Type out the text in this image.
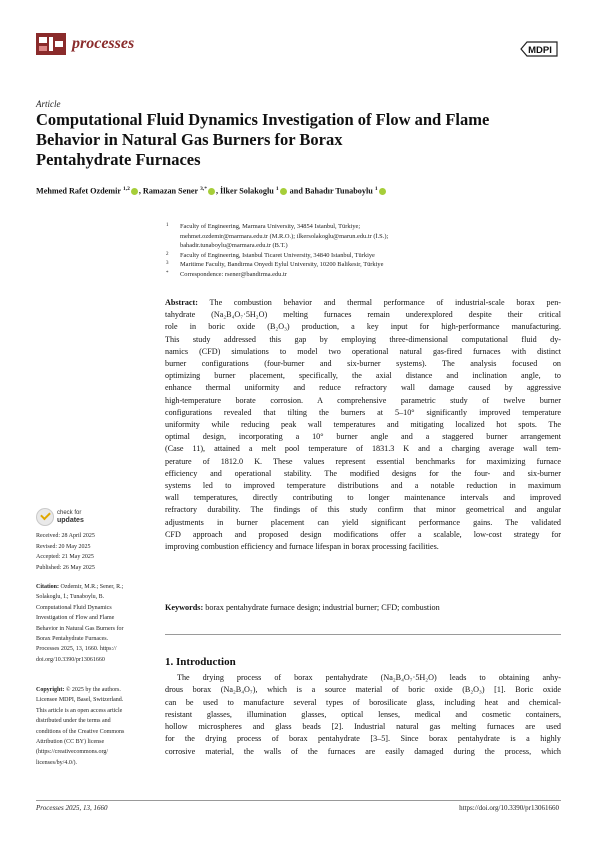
processes	MDPI
Article
Computational Fluid Dynamics Investigation of Flow and Flame
Behavior in Natural Gas Burners for Borax
Pentahydrate Furnaces
Mehmed Rafet Ozdemir $^{1,2}$ , Ramazan Sener $^{3,*}$ , İlker Solakoglu $^1$ and Bahadır Tunaboylu $^1$
1 Faculty of Engineering, Marmara University, 34854 Istanbul, Türkiye;
mehmet.ozdemir@marmara.edu.tr (M.R.O.); ilkersolakoglu@marun.edu.tr (İ.S.);
bahadir.tunaboylu@marmara.edu.tr (B.T.)
2 Faculty of Engineering, Istanbul Ticaret University, 34840 Istanbul, Türkiye
3 Maritime Faculty, Bandirma Onyedi Eylul University, 10200 Balikesir, Türkiye
* Correspondence: rsener@bandirma.edu.tr
Abstract: The combustion behavior and thermal performance of industrial-scale borax pen-
tahydrate (Na₂B₄O₇·5H₂O) melting furnaces remain underexplored despite their critical
role in boric oxide (B₂O₃) production, a key input for high-performance manufacturing.
This study addressed this gap by employing three-dimensional computational fluid dy-
namics (CFD) simulations to model two operational natural gas-fired furnaces with distinct
burner configurations (four-burner and six-burner systems). The analysis focused on
optimizing burner placement, specifically, the axial distance and inclination angle, to
enhance thermal uniformity and reduce refractory wall damage caused by aggressive
high-temperature borate corrosion. A comprehensive parametric study of twelve burner
configurations revealed that tilting the burners at 5–10° significantly improved temperature
uniformity while reducing peak wall temperatures and mitigating localized hot spots. The
optimal design, incorporating a 10° burner angle and a staggered burner arrangement
(Case 11), attained a melt pool temperature of 1831.3 K and a charging average wall tem-
perature of 1812.0 K. These values represent essential benchmarks for maximizing furnace
efficiency and operational stability. The modified designs for the four- and six-burner
systems led to improved temperature distributions and a notable reduction in maximum
wall temperatures, directly contributing to longer maintenance intervals and improved
refractory durability. The findings of this study confirm that minor geometrical and angular
adjustments in burner placement can yield significant performance gains. The validated
CFD approach and proposed design modifications offer a scalable, low-cost strategy for
improving combustion efficiency and furnace lifespan in borax processing facilities.
Keywords: borax pentahydrate furnace design; industrial burner; CFD; combustion
check for
updates
Received: 28 April 2025
Revised: 20 May 2025
Accepted: 21 May 2025
Published: 26 May 2025
Citation: Ozdemir, M.R.; Sener, R.;
Solakoglu, İ.; Tunaboylu, B.
Computational Fluid Dynamics
Investigation of Flow and Flame
Behavior in Natural Gas Burners for
Borax Pentahydrate Furnaces.
Processes 2025, 13, 1660. https://
doi.org/10.3390/pr13061660
Copyright: © 2025 by the authors.
Licensee MDPI, Basel, Switzerland.
This article is an open access article
distributed under the terms and
conditions of the Creative Commons
Attribution (CC BY) license
(https://creativecommons.org/
licenses/by/4.0/).
1. Introduction
The drying process of borax pentahydrate (Na₂B₄O₇·5H₂O) leads to obtaining anhy-
drous borax (Na₂B₄O₇), which is a source material of boric oxide (B₂O₃) [1]. Boric oxide
can be used to manufacture several types of borosilicate glass, including heat and chemical-
resistant glasses, illumination glasses, optical lenses, medical and cosmetic containers,
hollow microspheres and glass beads [2]. Industrial natural gas melting furnaces are used
for the drying process of borax pentahydrate [3–5]. Since borax pentahydrate is a highly
corrosive material, the walls of the furnaces are easily damaged during the process, which
Processes 2025, 13, 1660	https://doi.org/10.3390/pr13061660
